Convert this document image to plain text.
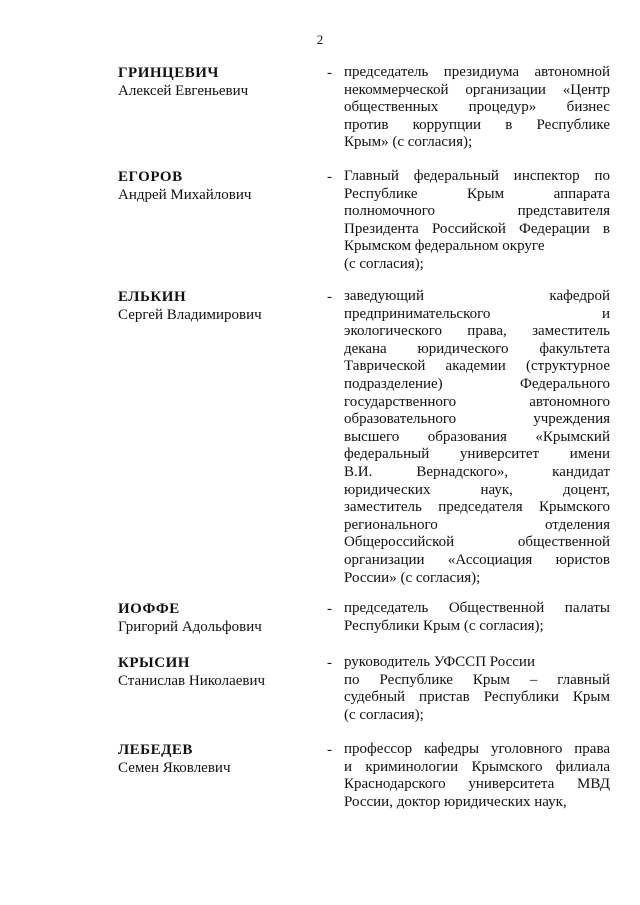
2
ГРИНЦЕВИЧ
Алексей Евгеньевич
- председатель президиума автономной
некоммерческой организации «Центр
общественных процедур» бизнес
против коррупции в Республике
Крым» (с согласия);
ЕГОРОВ
Андрей Михайлович
- Главный федеральный инспектор по
Республике Крым аппарата
полномочного представителя
Президента Российской Федерации в
Крымском федеральном округе
(с согласия);
ЕЛЬКИН
Сергей Владимирович
- заведующий кафедрой
предпринимательского и
экологического права, заместитель
декана юридического факультета
Таврической академии (структурное
подразделение) Федерального
государственного автономного
образовательного учреждения
высшего образования «Крымский
федеральный университет имени
В.И. Вернадского», кандидат
юридических наук, доцент,
заместитель председателя Крымского
регионального отделения
Общероссийской общественной
организации «Ассоциация юристов
России» (с согласия);
ИОФФЕ
Григорий Адольфович
- председатель Общественной палаты
Республики Крым (с согласия);
КРЫСИН
Станислав Николаевич
- руководитель УФССП России
по Республике Крым – главный
судебный пристав Республики Крым
(с согласия);
ЛЕБЕДЕВ
Семен Яковлевич
- профессор кафедры уголовного права
и криминологии Крымского филиала
Краснодарского университета МВД
России, доктор юридических наук,
